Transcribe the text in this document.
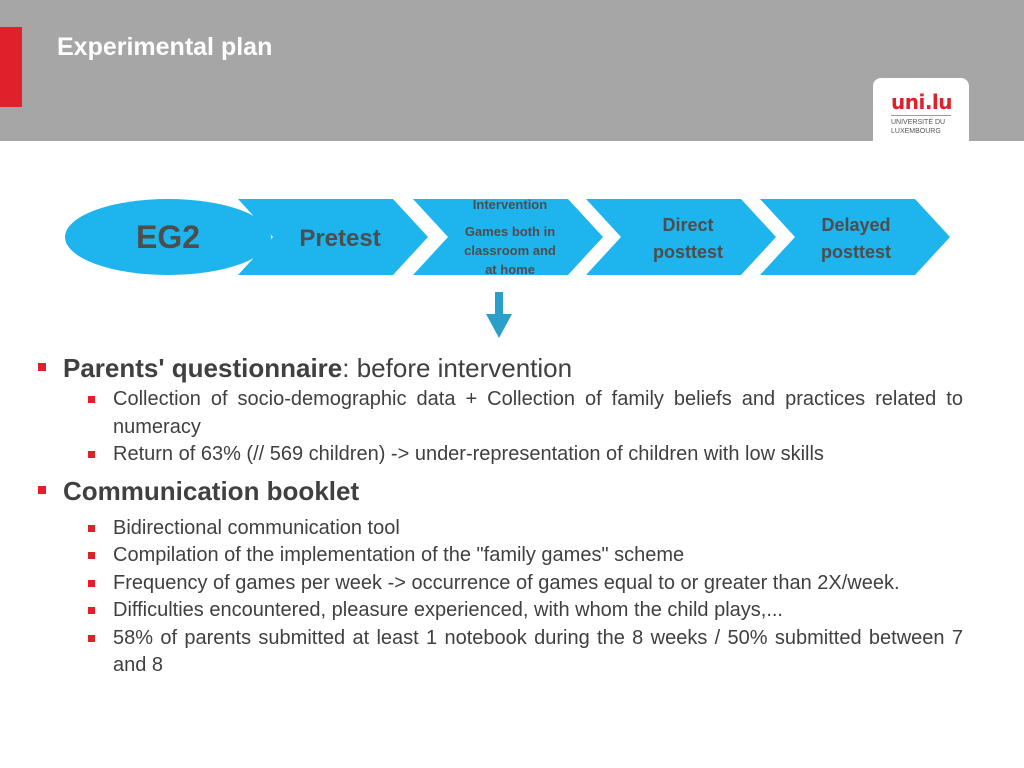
Experimental plan
uni.lu
UNIVERSITÉ DU
LUXEMBOURG
EG2	Pretest
Intervention
Games both in
classroom and
at home
Direct
posttest
Delayed
posttest
Parents' questionnaire: before intervention
Collection of socio-demographic data + Collection of family beliefs and practices related to numeracy
Return of 63% (// 569 children) -> under-representation of children with low skills
Communication booklet
Bidirectional communication tool
Compilation of the implementation of the "family games" scheme
Frequency of games per week -> occurrence of games equal to or greater than 2X/week.
Difficulties encountered, pleasure experienced, with whom the child plays,...
58% of parents submitted at least 1 notebook during the 8 weeks / 50% submitted between 7 and 8
